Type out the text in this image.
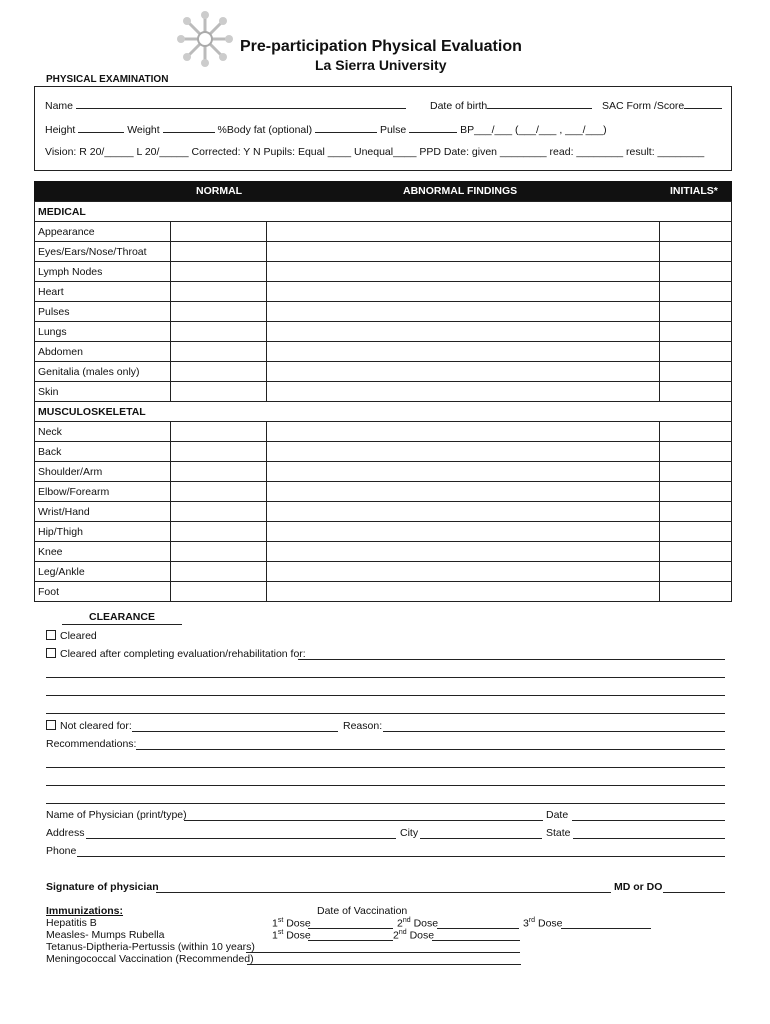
Pre-participation Physical Evaluation
La Sierra University
PHYSICAL EXAMINATION
Name	Date of birth	SAC Form /Score
Height	Weight	%Body fat (optional)	Pulse	BP___/___ (___/___ , ___/___)
Vision: R 20/_____ L 20/_____ Corrected: Y N Pupils: Equal ____ Unequal____ PPD Date: given ________ read: ________ result: ________
NORMAL	ABNORMAL FINDINGS	INITIALS*
MEDICAL
Appearance
Eyes/Ears/Nose/Throat
Lymph Nodes
Heart
Pulses
Lungs
Abdomen
Genitalia (males only)
Skin
MUSCULOSKELETAL
Neck
Back
Shoulder/Arm
Elbow/Forearm
Wrist/Hand
Hip/Thigh
Knee
Leg/Ankle
Foot
CLEARANCE
Cleared
Cleared after completing evaluation/rehabilitation for:
Not cleared for:	Reason:
Recommendations:
Name of Physician (print/type)	Date
Address	City	State
Phone
Signature of physician	MD or DO
Immunizations:	Date of Vaccination
Hepatitis B	1st Dose	2nd Dose	3rd Dose
Measles- Mumps Rubella	1st Dose	2nd Dose
Tetanus-Diptheria-Pertussis (within 10 years)
Meningococcal Vaccination (Recommended)
